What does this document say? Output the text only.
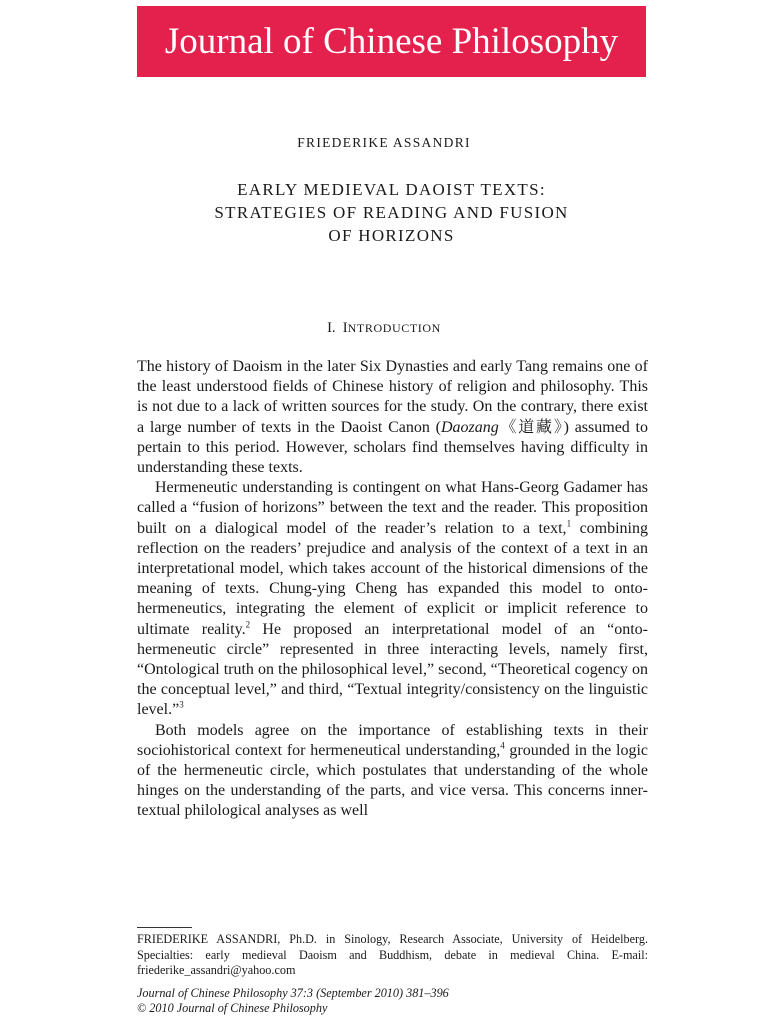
Journal of Chinese Philosophy
FRIEDERIKE ASSANDRI
EARLY MEDIEVAL DAOIST TEXTS:
STRATEGIES OF READING AND FUSION
OF HORIZONS
I. INTRODUCTION

The history of Daoism in the later Six Dynasties and early Tang remains one of the least understood fields of Chinese history of religion and philosophy. This is not due to a lack of written sources for the study. On the contrary, there exist a large number of texts in the Daoist Canon (Daozang《道藏》) assumed to pertain to this period. However, scholars find themselves having difficulty in understanding these texts.

Hermeneutic understanding is contingent on what Hans-Georg Gadamer has called a “fusion of horizons” between the text and the reader. This proposition built on a dialogical model of the reader’s relation to a text,$^1$ combining reflection on the readers’ prejudice and analysis of the context of a text in an interpretational model, which takes account of the historical dimensions of the meaning of texts. Chung-ying Cheng has expanded this model to onto-hermeneutics, integrating the element of explicit or implicit reference to ultimate reality.$^2$ He proposed an interpretational model of an “onto-hermeneutic circle” represented in three interacting levels, namely first, “Ontological truth on the philosophical level,” second, “Theoretical cogency on the conceptual level,” and third, “Textual integrity/consistency on the linguistic level.”$^3$

Both models agree on the importance of establishing texts in their sociohistorical context for hermeneutical understanding,$^4$ grounded in the logic of the hermeneutic circle, which postulates that understanding of the whole hinges on the understanding of the parts, and vice versa. This concerns inner-textual philological analyses as well

FRIEDERIKE ASSANDRI, Ph.D. in Sinology, Research Associate, University of Heidelberg. Specialties: early medieval Daoism and Buddhism, debate in medieval China. E-mail: friederike_assandri@yahoo.com

Journal of Chinese Philosophy 37:3 (September 2010) 381–396
© 2010 Journal of Chinese Philosophy
